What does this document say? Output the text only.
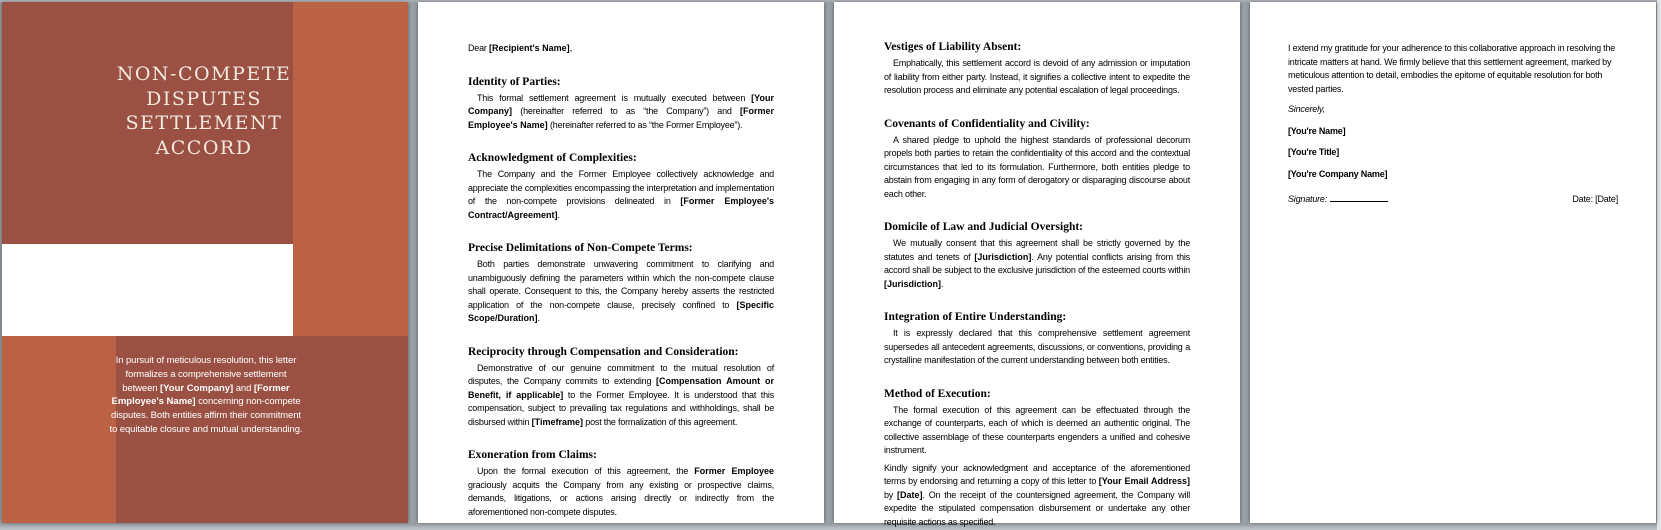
NON-COMPETE
DISPUTES
SETTLEMENT
ACCORD
In pursuit of meticulous resolution, this letter formalizes a comprehensive settlement between [Your Company] and [Former Employee's Name] concerning non-compete disputes. Both entities affirm their commitment to equitable closure and mutual understanding.

Dear [Recipient's Name],

Identity of Parties:

This formal settlement agreement is mutually executed between [Your Company] (hereinafter referred to as “the Company”) and [Former Employee's Name] (hereinafter referred to as “the Former Employee”).

Acknowledgment of Complexities:

The Company and the Former Employee collectively acknowledge and appreciate the complexities encompassing the interpretation and implementation of the non-compete provisions delineated in [Former Employee's Contract/Agreement].

Precise Delimitations of Non-Compete Terms:

Both parties demonstrate unwavering commitment to clarifying and unambiguously defining the parameters within which the non-compete clause shall operate. Consequent to this, the Company hereby asserts the restricted application of the non-compete clause, precisely confined to [Specific Scope/Duration].

Reciprocity through Compensation and Consideration:

Demonstrative of our genuine commitment to the mutual resolution of disputes, the Company commits to extending [Compensation Amount or Benefit, if applicable] to the Former Employee. It is understood that this compensation, subject to prevailing tax regulations and withholdings, shall be disbursed within [Timeframe] post the formalization of this agreement.

Exoneration from Claims:

Upon the formal execution of this agreement, the Former Employee graciously acquits the Company from any existing or prospective claims, demands, litigations, or actions arising directly or indirectly from the aforementioned non-compete disputes.

Vestiges of Liability Absent:

Emphatically, this settlement accord is devoid of any admission or imputation of liability from either party. Instead, it signifies a collective intent to expedite the resolution process and eliminate any potential escalation of legal proceedings.

Covenants of Confidentiality and Civility:

A shared pledge to uphold the highest standards of professional decorum propels both parties to retain the confidentiality of this accord and the contextual circumstances that led to its formulation. Furthermore, both entities pledge to abstain from engaging in any form of derogatory or disparaging discourse about each other.

Domicile of Law and Judicial Oversight:

We mutually consent that this agreement shall be strictly governed by the statutes and tenets of [Jurisdiction]. Any potential conflicts arising from this accord shall be subject to the exclusive jurisdiction of the esteemed courts within [Jurisdiction].

Integration of Entire Understanding:

It is expressly declared that this comprehensive settlement agreement supersedes all antecedent agreements, discussions, or conventions, providing a crystalline manifestation of the current understanding between both entities.

Method of Execution:

The formal execution of this agreement can be effectuated through the exchange of counterparts, each of which is deemed an authentic original. The collective assemblage of these counterparts engenders a unified and cohesive instrument.

Kindly signify your acknowledgment and acceptance of the aforementioned terms by endorsing and returning a copy of this letter to [Your Email Address] by [Date]. On the receipt of the countersigned agreement, the Company will expedite the stipulated compensation disbursement or undertake any other requisite actions as specified.

I extend my gratitude for your adherence to this collaborative approach in resolving the intricate matters at hand. We firmly believe that this settlement agreement, marked by meticulous attention to detail, embodies the epitome of equitable resolution for both vested parties.

Sincerely,

[You're Name]

[You're Title]

[You're Company Name]

Signature:	Date: [Date]
